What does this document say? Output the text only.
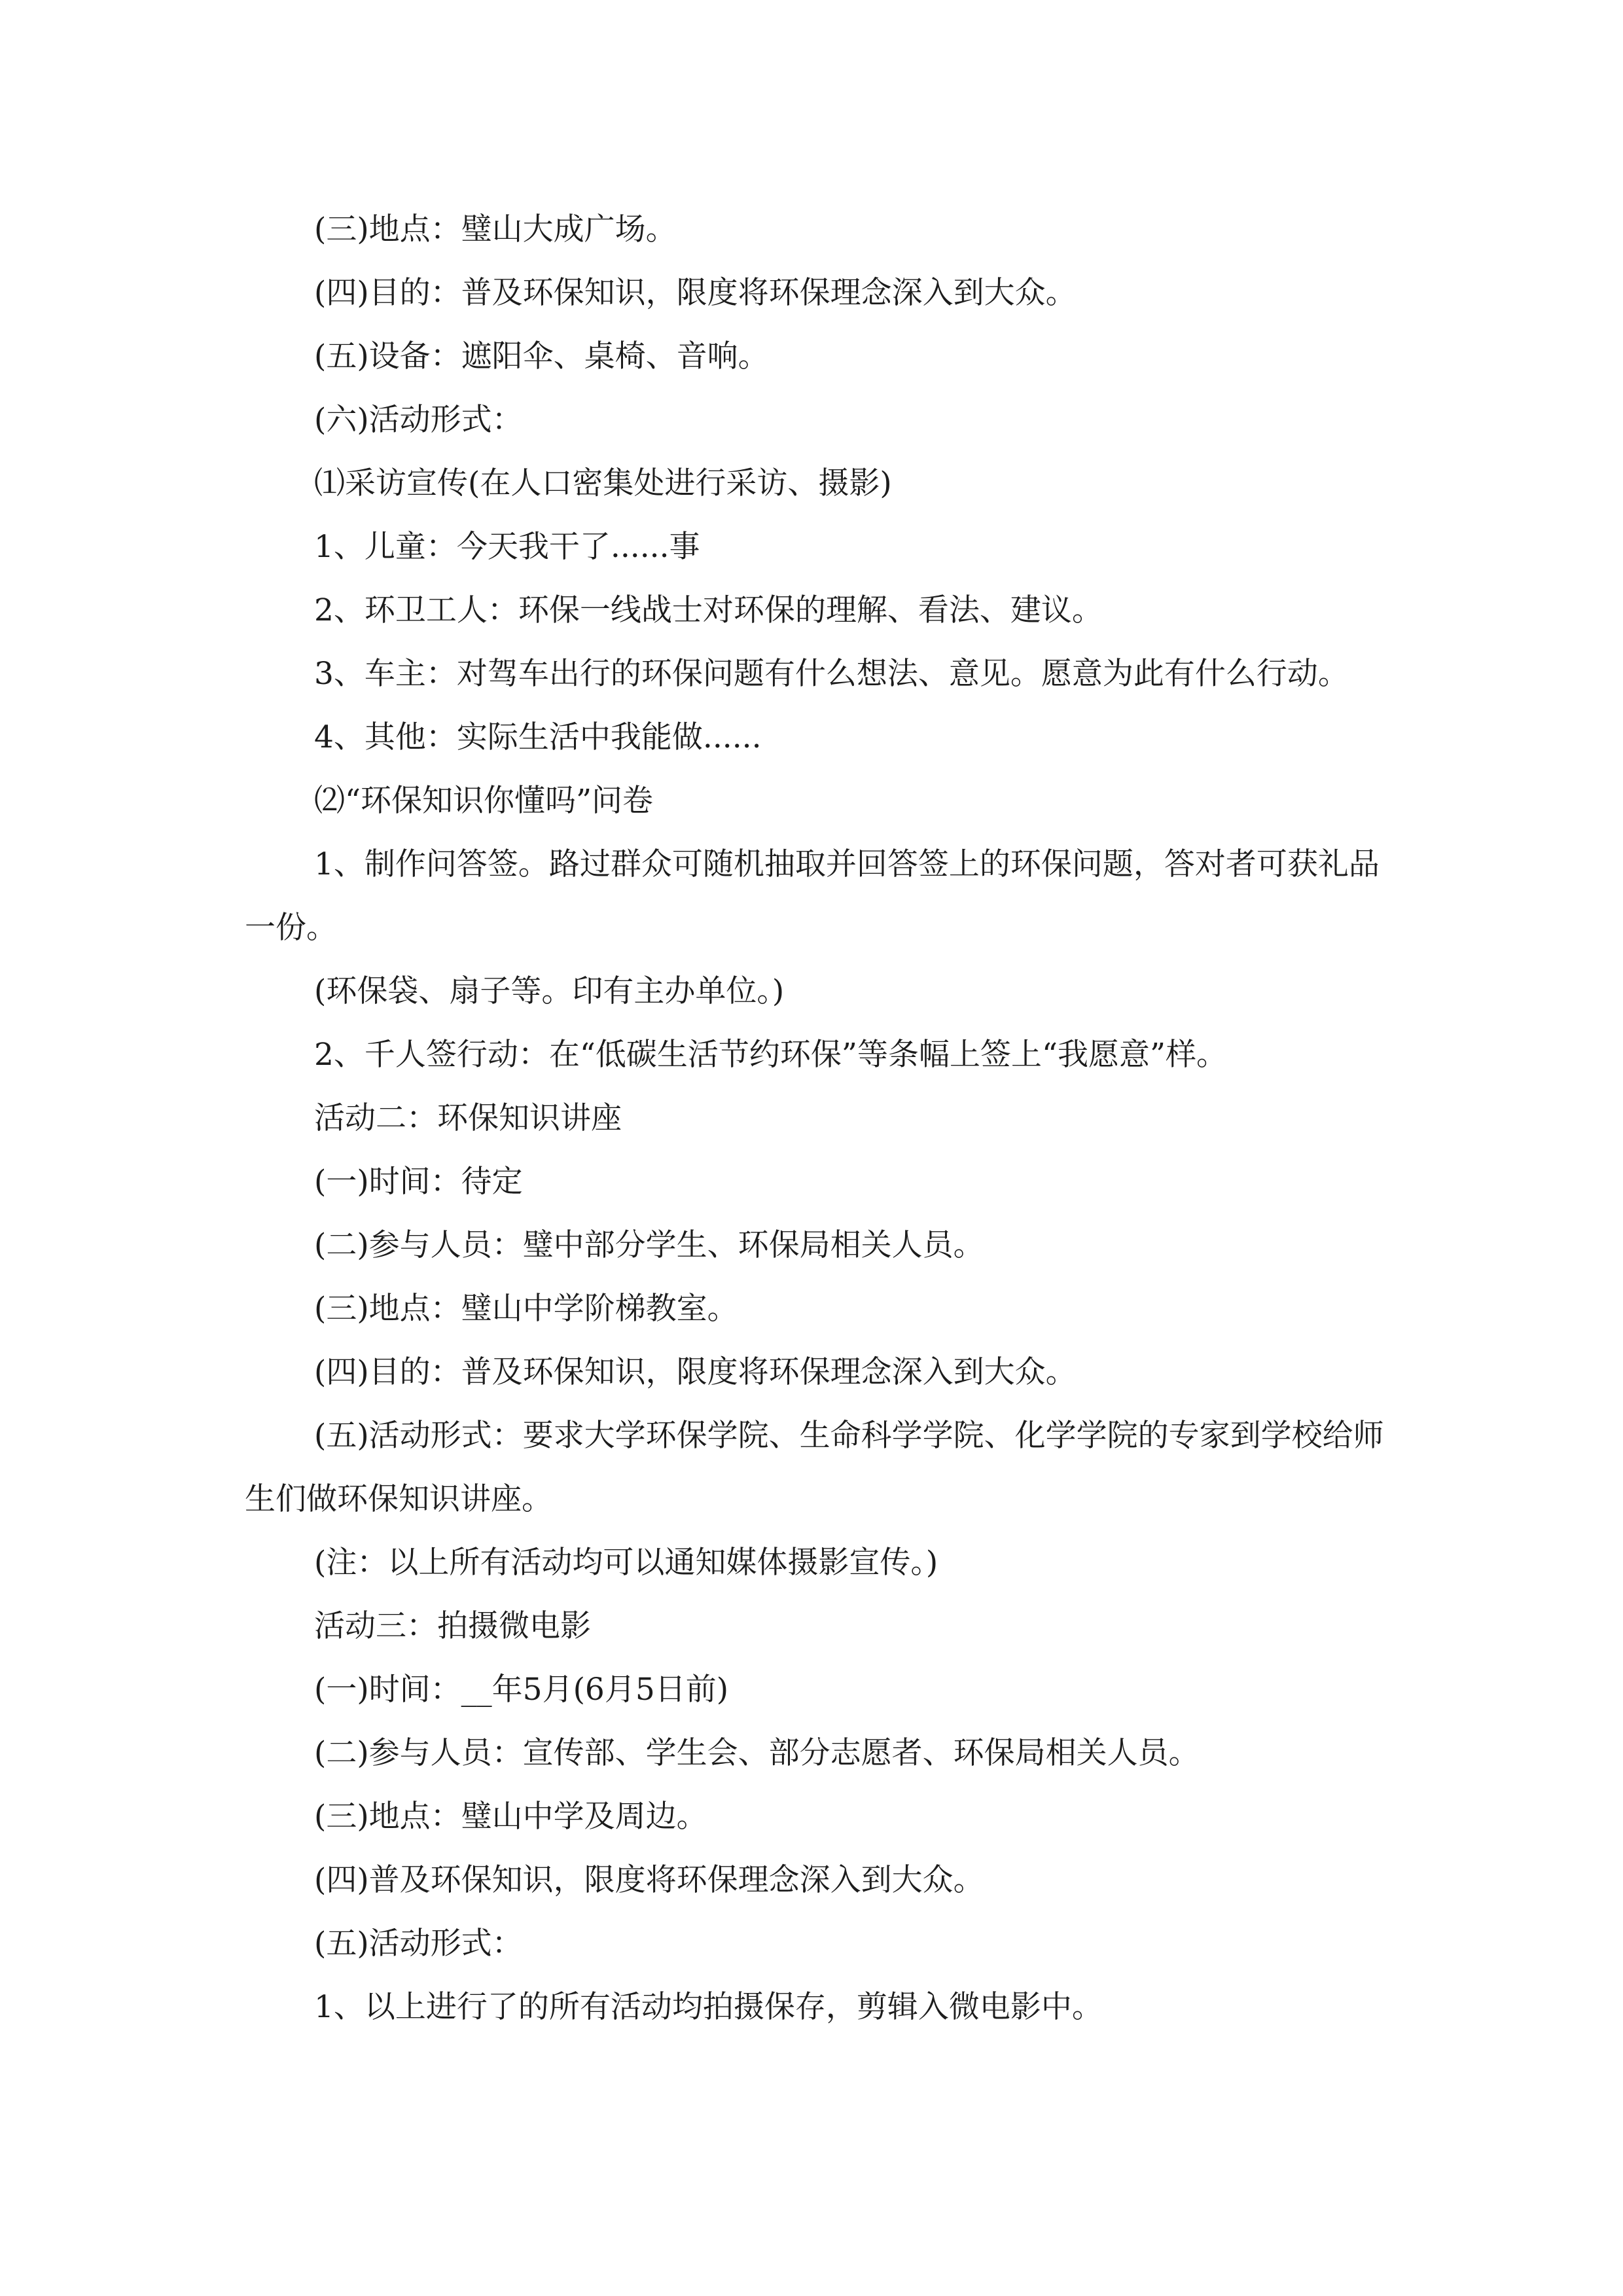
(三)地点：璧山大成广场。

(四)目的：普及环保知识，限度将环保理念深入到大众。

(五)设备：遮阳伞、桌椅、音响。

(六)活动形式：

⑴采访宣传(在人口密集处进行采访、摄影)

1、儿童：今天我干了......事

2、环卫工人：环保一线战士对环保的理解、看法、建议。

3、车主：对驾车出行的环保问题有什么想法、意见。愿意为此有什么行动。

4、其他：实际生活中我能做......

⑵“环保知识你懂吗”问卷

1、制作问答签。路过群众可随机抽取并回答签上的环保问题，答对者可获礼品一份。

(环保袋、扇子等。印有主办单位。)

2、千人签行动：在“低碳生活节约环保”等条幅上签上“我愿意”样。

活动二：环保知识讲座

(一)时间：待定

(二)参与人员：璧中部分学生、环保局相关人员。

(三)地点：璧山中学阶梯教室。

(四)目的：普及环保知识，限度将环保理念深入到大众。

(五)活动形式：要求大学环保学院、生命科学学院、化学学院的专家到学校给师生们做环保知识讲座。

(注：以上所有活动均可以通知媒体摄影宣传。)

活动三：拍摄微电影

(一)时间：__年5月(6月5日前)

(二)参与人员：宣传部、学生会、部分志愿者、环保局相关人员。

(三)地点：璧山中学及周边。

(四)普及环保知识，限度将环保理念深入到大众。

(五)活动形式：

1、以上进行了的所有活动均拍摄保存，剪辑入微电影中。
